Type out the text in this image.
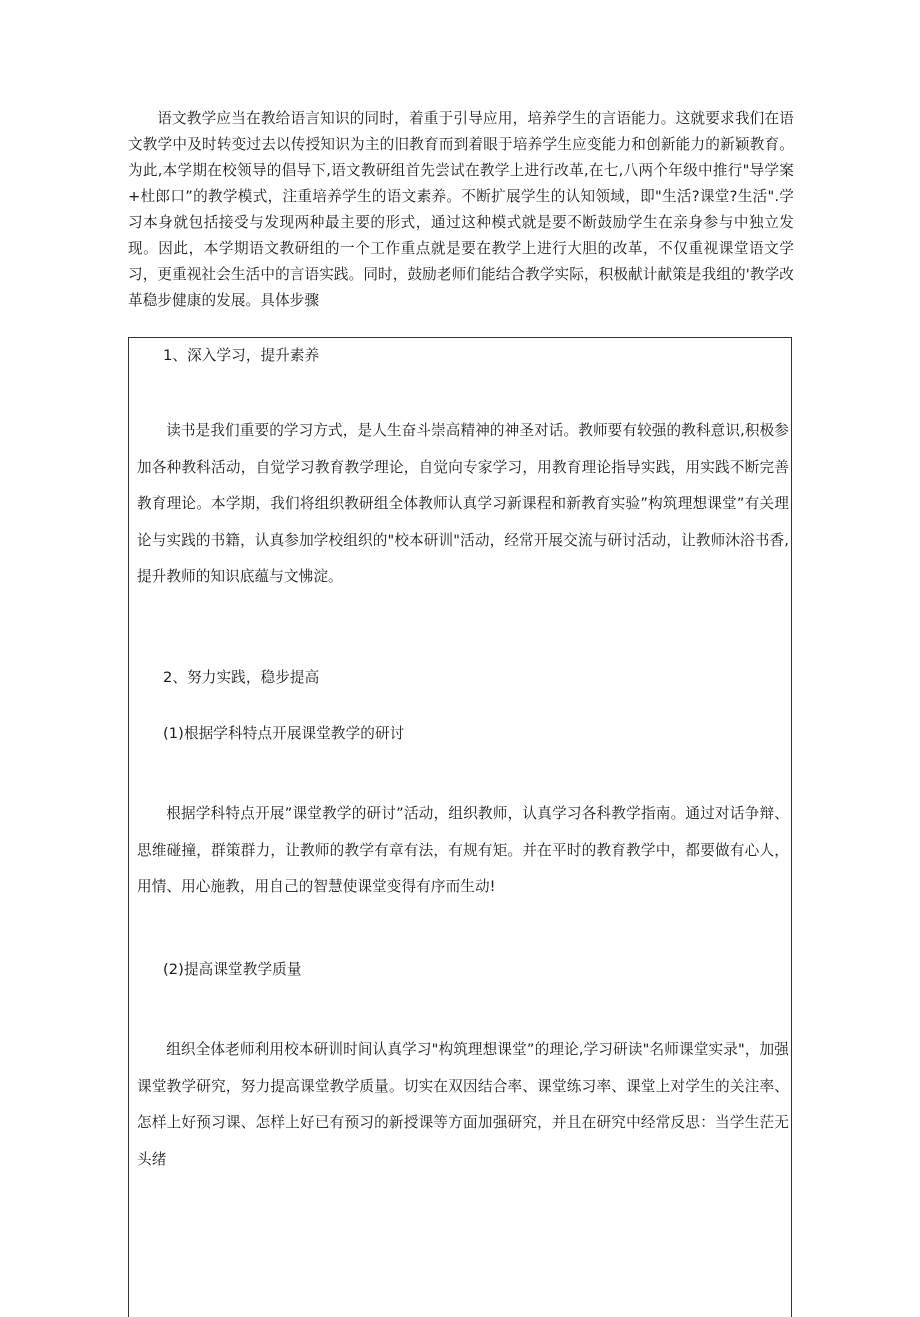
语文教学应当在教给语言知识的同时，着重于引导应用，培养学生的言语能力。这就要求我们在语文教学中及时转变过去以传授知识为主的旧教育而到着眼于培养学生应变能力和创新能力的新颖教育。为此,本学期在校领导的倡导下,语文教研组首先尝试在教学上进行改革,在七,八两个年级中推行"导学案+杜郎口”的教学模式，注重培养学生的语文素养。不断扩展学生的认知领域，即"生活?课堂?生活".学习本身就包括接受与发现两种最主要的形式，通过这种模式就是要不断鼓励学生在亲身参与中独立发现。因此，本学期语文教研组的一个工作重点就是要在教学上进行大胆的改革，不仅重视课堂语文学习，更重视社会生活中的言语实践。同时，鼓励老师们能结合教学实际，积极献计献策是我组的'教学改革稳步健康的发展。具体步骤

1、深入学习，提升素养

读书是我们重要的学习方式，是人生奋斗崇高精神的神圣对话。教师要有较强的教科意识,积极参加各种教科活动，自觉学习教育教学理论，自觉向专家学习，用教育理论指导实践，用实践不断完善教育理论。本学期，我们将组织教研组全体教师认真学习新课程和新教育实验”构筑理想课堂”有关理论与实践的书籍，认真参加学校组织的"校本研训"活动，经常开展交流与研讨活动，让教师沐浴书香,提升教师的知识底蕴与文怫淀。

2、努力实践，稳步提高

(1)根据学科特点开展课堂教学的研讨

根据学科特点开展”课堂教学的研讨”活动，组织教师，认真学习各科教学指南。通过对话争辩、思维碰撞，群策群力，让教师的教学有章有法，有规有矩。并在平时的教育教学中，都要做有心人，用情、用心施教，用自己的智慧使课堂变得有序而生动!

(2)提高课堂教学质量

组织全体老师利用校本研训时间认真学习"构筑理想课堂”的理论,学习研读"名师课堂实录"，加强课堂教学研究，努力提高课堂教学质量。切实在双因结合率、课堂练习率、课堂上对学生的关注率、怎样上好预习课、怎样上好已有预习的新授课等方面加强研究，并且在研究中经常反思：当学生茫无头绪
